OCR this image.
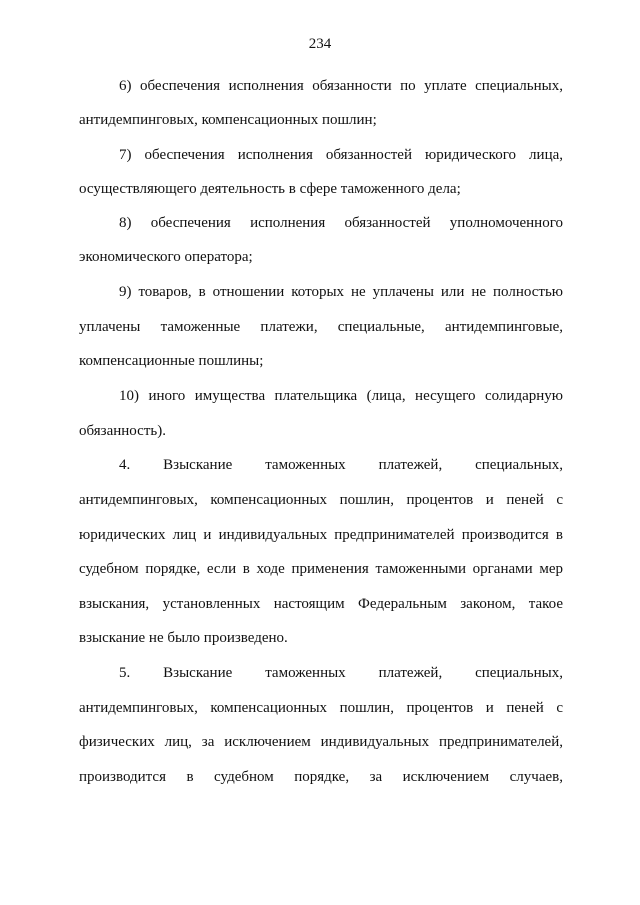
234
6) обеспечения исполнения обязанности по уплате специальных,
антидемпинговых, компенсационных пошлин;
7) обеспечения исполнения обязанностей юридического лица,
осуществляющего деятельность в сфере таможенного дела;
8) обеспечения исполнения обязанностей уполномоченного
экономического оператора;
9) товаров, в отношении которых не уплачены или не полностью
уплачены таможенные платежи, специальные, антидемпинговые,
компенсационные пошлины;
10) иного имущества плательщика (лица, несущего солидарную
обязанность).
4. Взыскание таможенных платежей, специальных,
антидемпинговых, компенсационных пошлин, процентов и пеней с
юридических лиц и индивидуальных предпринимателей производится в
судебном порядке, если в ходе применения таможенными органами мер
взыскания, установленных настоящим Федеральным законом, такое
взыскание не было произведено.
5. Взыскание таможенных платежей, специальных,
антидемпинговых, компенсационных пошлин, процентов и пеней с
физических лиц, за исключением индивидуальных предпринимателей,
производится в судебном порядке, за исключением случаев,
